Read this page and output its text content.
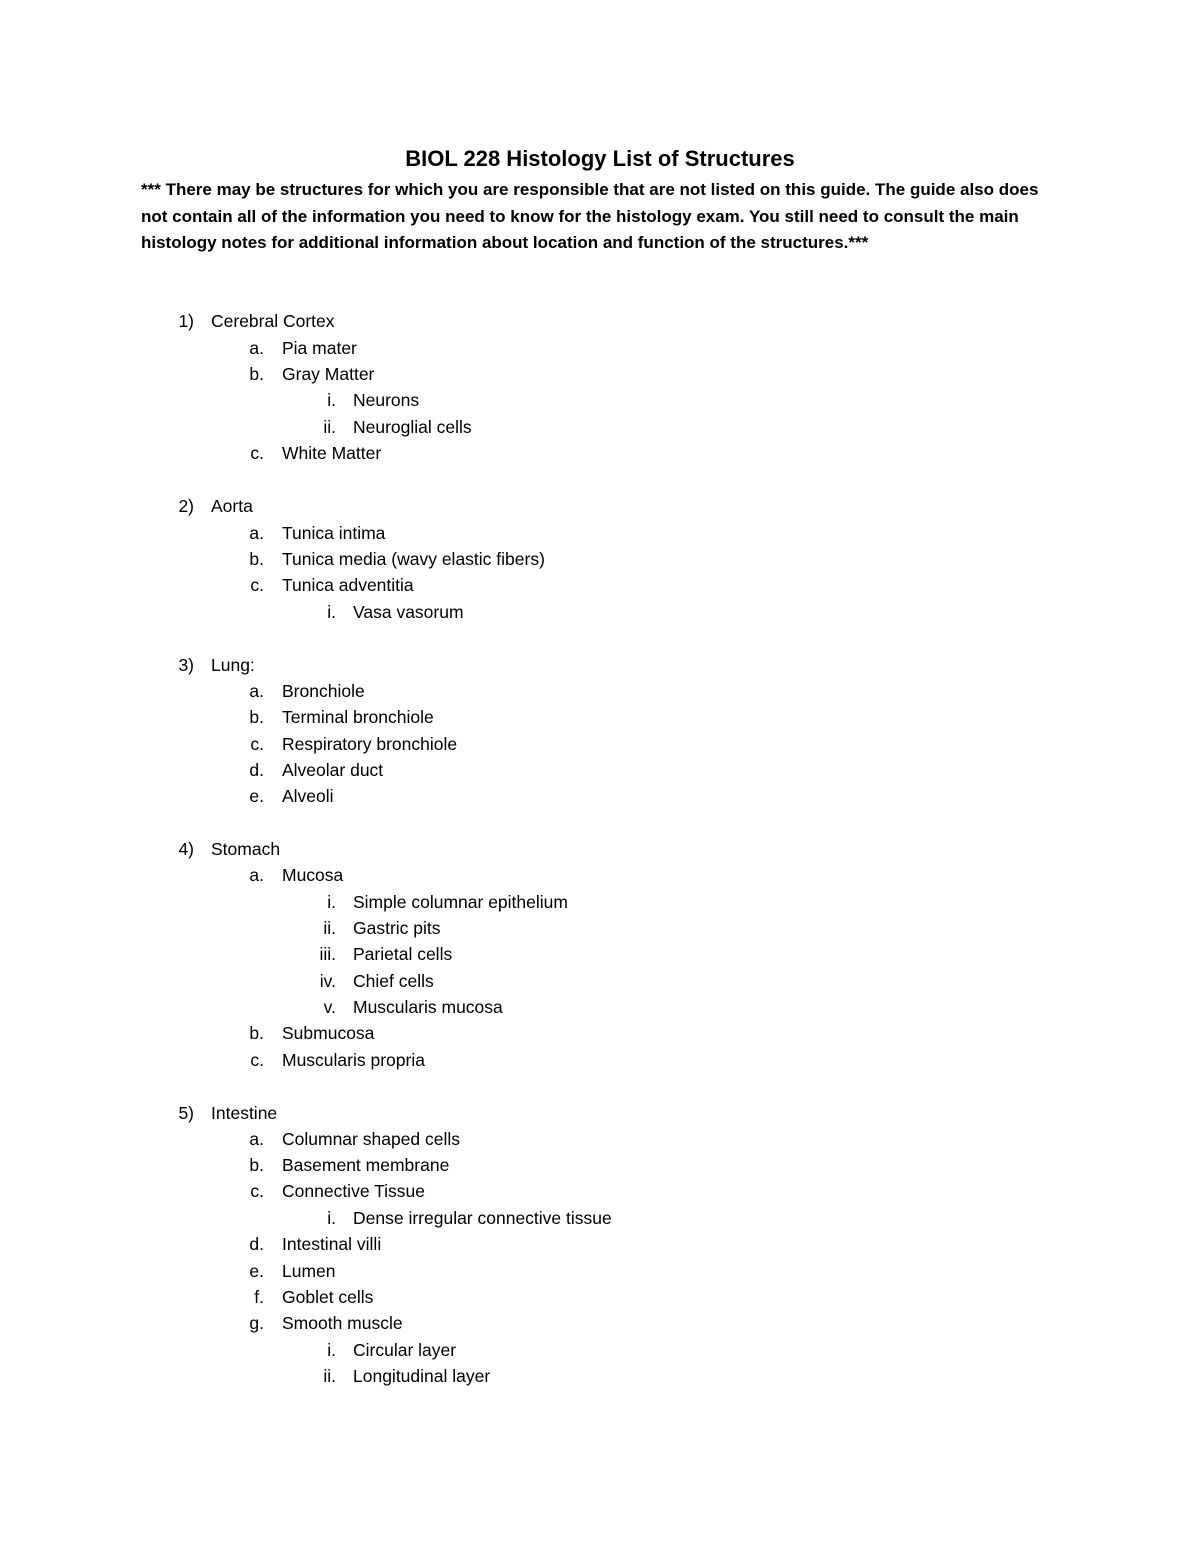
BIOL 228 Histology List of Structures
*** There may be structures for which you are responsible that are not listed on this guide. The guide also does not contain all of the information you need to know for the histology exam. You still need to consult the main histology notes for additional information about location and function of the structures.***
1) Cerebral Cortex
a. Pia mater
b. Gray Matter
i. Neurons
ii. Neuroglial cells
c. White Matter
2) Aorta
a. Tunica intima
b. Tunica media (wavy elastic fibers)
c. Tunica adventitia
i. Vasa vasorum
3) Lung:
a. Bronchiole
b. Terminal bronchiole
c. Respiratory bronchiole
d. Alveolar duct
e. Alveoli
4) Stomach
a. Mucosa
i. Simple columnar epithelium
ii. Gastric pits
iii. Parietal cells
iv. Chief cells
v. Muscularis mucosa
b. Submucosa
c. Muscularis propria
5) Intestine
a. Columnar shaped cells
b. Basement membrane
c. Connective Tissue
i. Dense irregular connective tissue
d. Intestinal villi
e. Lumen
f. Goblet cells
g. Smooth muscle
i. Circular layer
ii. Longitudinal layer
